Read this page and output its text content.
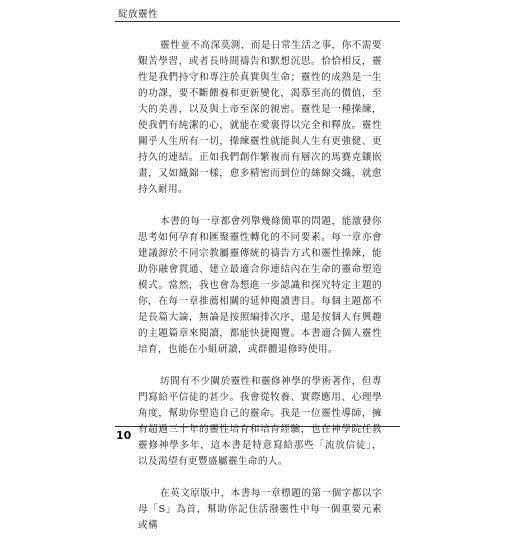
綻放靈性

靈性並不高深莫測，而是日常生活之事，你不需要艱苦學習，或者長時間禱告和默想沉思。恰恰相反，靈性是我們持守和專注於真實與生命；靈性的成熟是一生的功課，要不斷餵養和更新變化，渴慕至高的價值，至大的美善，以及與上帝至深的親密。靈性是一種操練，使我們有純潔的心，就能在愛裏得以完全和釋放。靈性關乎人生所有一切，操練靈性就能與人生有更強健、更持久的連結。正如我們創作繁複而有層次的馬賽克鑲嵌畫，又如織錦一樣，愈多精密而到位的絲線交織，就愈持久耐用。

本書的每一章都會列舉幾條簡單的問題，能激發你思考如何孕育和匯聚靈性轉化的不同要素。每一章亦會建議源於不同宗教屬靈傳統的禱告方式和靈性操練，能助你融會貫通、建立最適合你連結內在生命的靈命塑造模式。當然，我也會為想進一步認識和探究特定主題的你，在每一章推薦相關的延伸閱讀書目。每個主題都不是長篇大論，無論是按照編排次序，還是按個人有興趣的主題篇章來閱讀，都能快捷閱覽。本書適合個人靈性培育，也能在小組研讀，或群體退修時使用。

坊間有不少關於靈性和靈修神學的學術著作，但專門寫給平信徒的甚少。我會從牧養、實際應用、心理學角度，幫助你塑造自己的靈命。我是一位靈性導師，擁有超過三十年的靈性培育和培育經驗，也在神學院任教靈修神學多年，這本書是特意寫給那些「流放信徒」，以及渴望有更豐盛屬靈生命的人。

在英文原版中，本書每一章標題的第一個字都以字母「S」為首，幫助你記住活潑靈性中每一個重要元素或構

10
